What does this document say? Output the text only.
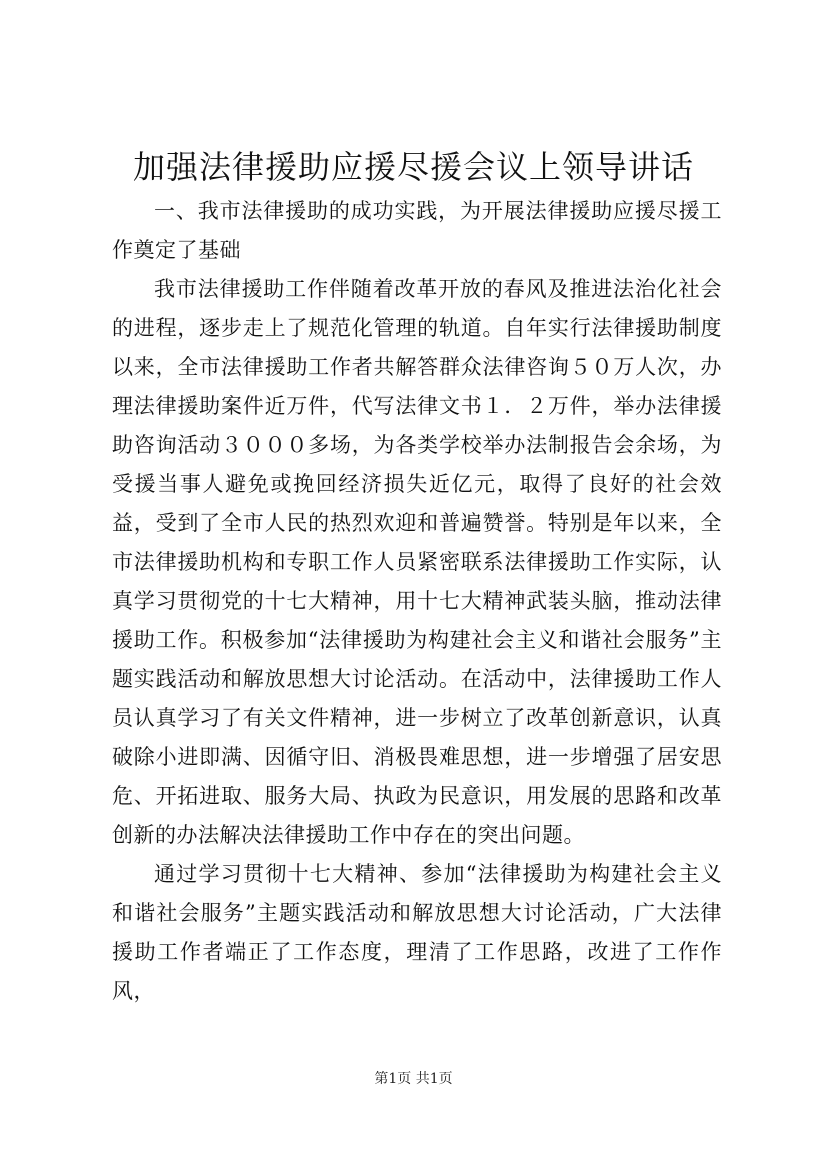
加强法律援助应援尽援会议上领导讲话

一、我市法律援助的成功实践，为开展法律援助应援尽援工作奠定了基础

我市法律援助工作伴随着改革开放的春风及推进法治化社会的进程，逐步走上了规范化管理的轨道。自年实行法律援助制度以来，全市法律援助工作者共解答群众法律咨询５０万人次，办理法律援助案件近万件，代写法律文书１．２万件，举办法律援助咨询活动３０００多场，为各类学校举办法制报告会余场，为受援当事人避免或挽回经济损失近亿元，取得了良好的社会效益，受到了全市人民的热烈欢迎和普遍赞誉。特别是年以来，全市法律援助机构和专职工作人员紧密联系法律援助工作实际，认真学习贯彻党的十七大精神，用十七大精神武装头脑，推动法律援助工作。积极参加“法律援助为构建社会主义和谐社会服务”主题实践活动和解放思想大讨论活动。在活动中，法律援助工作人员认真学习了有关文件精神，进一步树立了改革创新意识，认真破除小进即满、因循守旧、消极畏难思想，进一步增强了居安思危、开拓进取、服务大局、执政为民意识，用发展的思路和改革创新的办法解决法律援助工作中存在的突出问题。

通过学习贯彻十七大精神、参加“法律援助为构建社会主义和谐社会服务”主题实践活动和解放思想大讨论活动，广大法律援助工作者端正了工作态度，理清了工作思路，改进了工作作风，

第1页 共1页
